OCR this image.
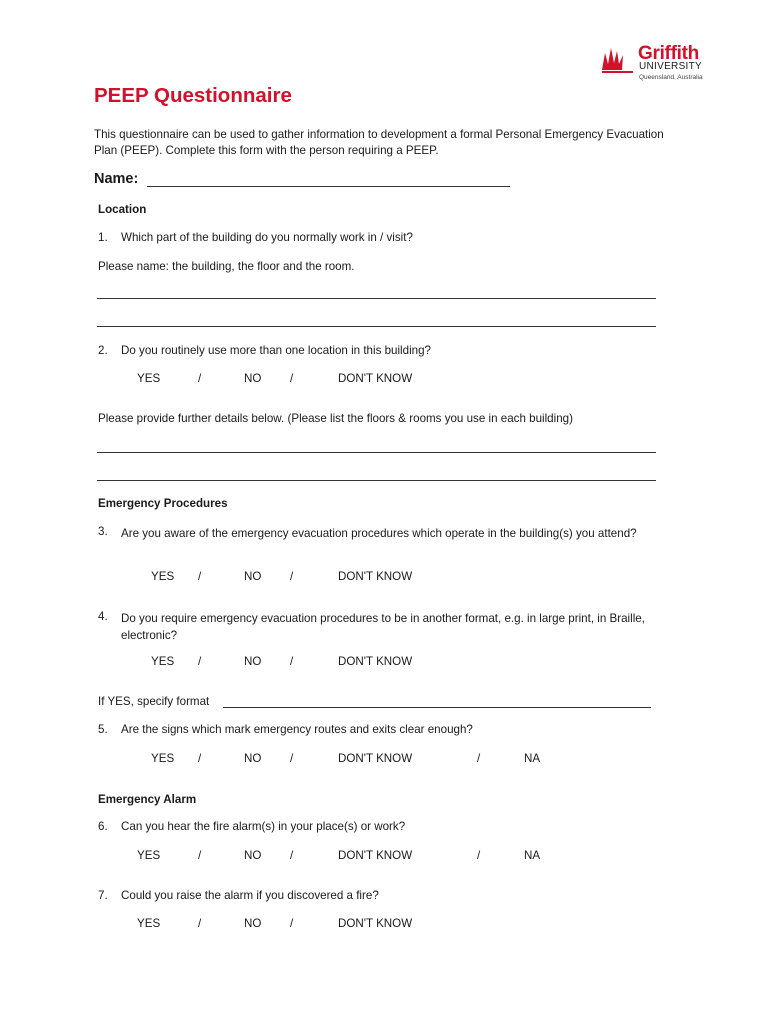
Griffith
UNIVERSITY
Queensland, Australia
PEEP Questionnaire
This questionnaire can be used to gather information to development a formal Personal Emergency Evacuation Plan (PEEP). Complete this form with the person requiring a PEEP.
Name:
Location
1. Which part of the building do you normally work in / visit?
Please name: the building, the floor and the room.
2. Do you routinely use more than one location in this building?
YES	/	NO /	DON'T KNOW
Please provide further details below. (Please list the floors & rooms you use in each building)
Emergency Procedures
3. Are you aware of the emergency evacuation procedures which operate in the building(s) you attend?
YES /	NO /	DON'T KNOW
4. Do you require emergency evacuation procedures to be in another format, e.g. in large print, in Braille, electronic?
YES /	NO /	DON'T KNOW
If YES, specify format
5. Are the signs which mark emergency routes and exits clear enough?
YES /	NO /	DON'T KNOW	/	NA
Emergency Alarm
6. Can you hear the fire alarm(s) in your place(s) or work?
YES	/	NO /	DON'T KNOW	/	NA
7. Could you raise the alarm if you discovered a fire?
YES	/	NO /	DON'T KNOW
